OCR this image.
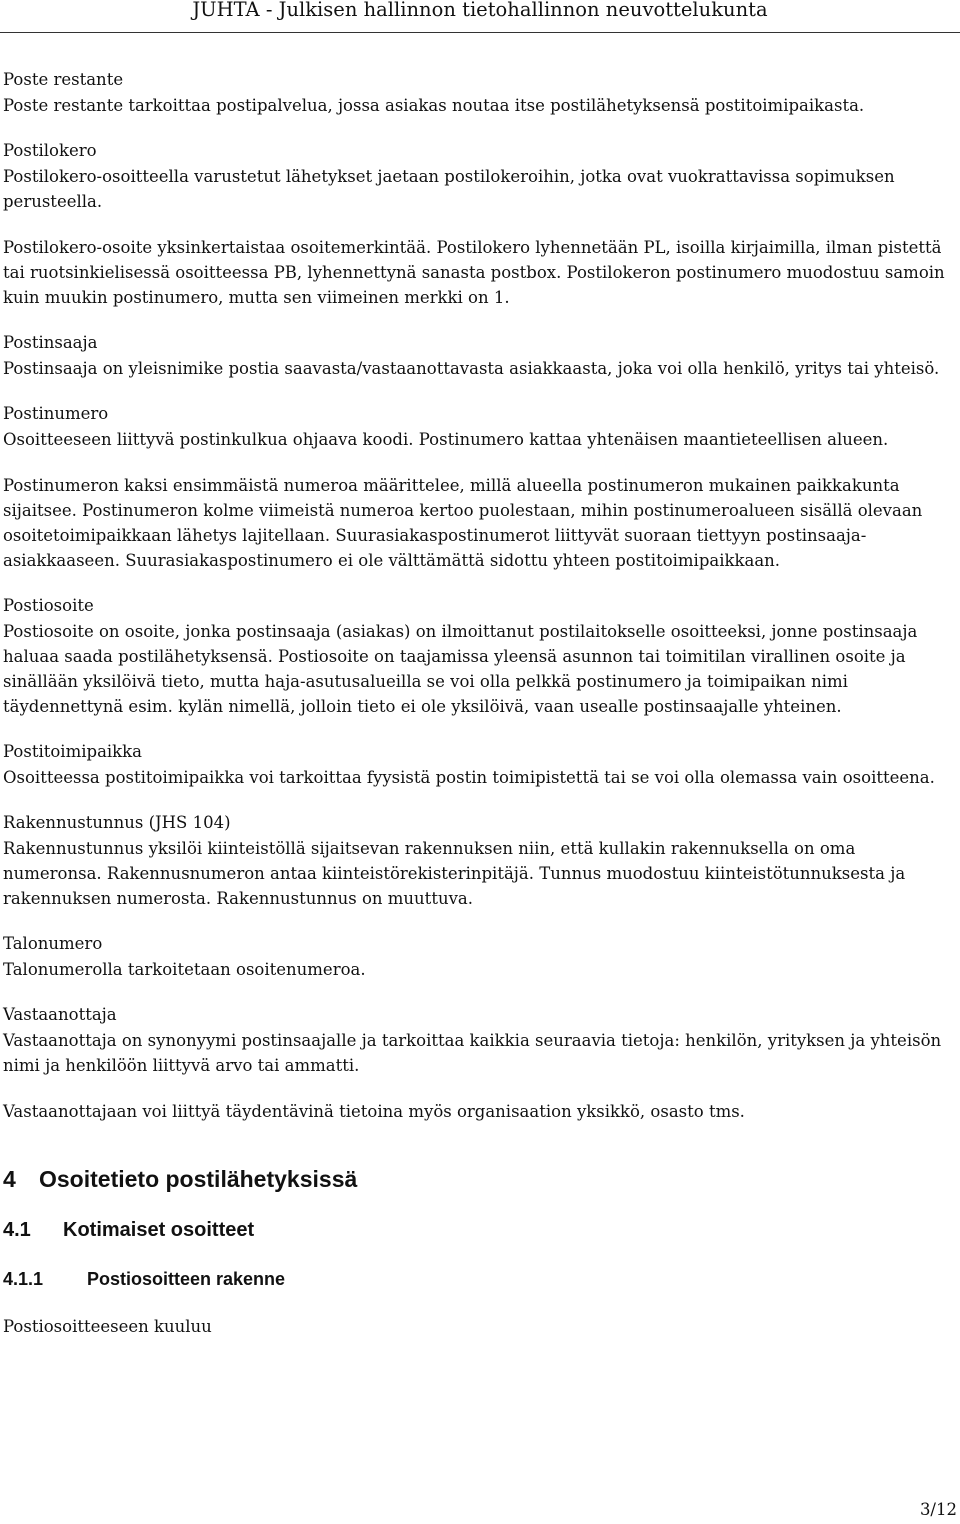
JUHTA - Julkisen hallinnon tietohallinnon neuvottelukunta
Poste restante

Poste restante tarkoittaa postipalvelua, jossa asiakas noutaa itse postilähetyksensä postitoimipaikasta.

Postilokero

Postilokero-osoitteella varustetut lähetykset jaetaan postilokeroihin, jotka ovat vuokrattavissa sopimuksen perusteella.

Postilokero-osoite yksinkertaistaa osoitemerkintää. Postilokero lyhennetään PL, isoilla kirjaimilla, ilman pistettä tai ruotsinkielisessä osoitteessa PB, lyhennettynä sanasta postbox. Postilokeron postinumero muodostuu samoin kuin muukin postinumero, mutta sen viimeinen merkki on 1.

Postinsaaja

Postinsaaja on yleisnimike postia saavasta/vastaanottavasta asiakkaasta, joka voi olla henkilö, yritys tai yhteisö.

Postinumero

Osoitteeseen liittyvä postinkulkua ohjaava koodi. Postinumero kattaa yhtenäisen maantieteellisen alueen.

Postinumeron kaksi ensimmäistä numeroa määrittelee, millä alueella postinumeron mukainen paikkakunta sijaitsee. Postinumeron kolme viimeistä numeroa kertoo puolestaan, mihin postinumeroalueen sisällä olevaan osoitetoimipaikkaan lähetys lajitellaan. Suurasiakaspostinumerot liittyvät suoraan tiettyyn postinsaaja-asiakkaaseen. Suurasiakaspostinumero ei ole välttämättä sidottu yhteen postitoimipaikkaan.

Postiosoite

Postiosoite on osoite, jonka postinsaaja (asiakas) on ilmoittanut postilaitokselle osoitteeksi, jonne postinsaaja haluaa saada postilähetyksensä. Postiosoite on taajamissa yleensä asunnon tai toimitilan virallinen osoite ja sinällään yksilöivä tieto, mutta haja-asutusalueilla se voi olla pelkkä postinumero ja toimipaikan nimi täydennettynä esim. kylän nimellä, jolloin tieto ei ole yksilöivä, vaan usealle postinsaajalle yhteinen.

Postitoimipaikka

Osoitteessa postitoimipaikka voi tarkoittaa fyysistä postin toimipistettä tai se voi olla olemassa vain osoitteena.

Rakennustunnus (JHS 104)

Rakennustunnus yksilöi kiinteistöllä sijaitsevan rakennuksen niin, että kullakin rakennuksella on oma numeronsa. Rakennusnumeron antaa kiinteistörekisterinpitäjä. Tunnus muodostuu kiinteistötunnuksesta ja rakennuksen numerosta. Rakennustunnus on muuttuva.

Talonumero

Talonumerolla tarkoitetaan osoitenumeroa.

Vastaanottaja

Vastaanottaja on synonyymi postinsaajalle ja tarkoittaa kaikkia seuraavia tietoja: henkilön, yrityksen ja yhteisön nimi ja henkilöön liittyvä arvo tai ammatti.

Vastaanottajaan voi liittyä täydentävinä tietoina myös organisaation yksikkö, osasto tms.

4 Osoitetieto postilähetyksissä
4.1 Kotimaiset osoitteet
4.1.1 Postiosoitteen rakenne

Postiosoitteeseen kuuluu

3/12
